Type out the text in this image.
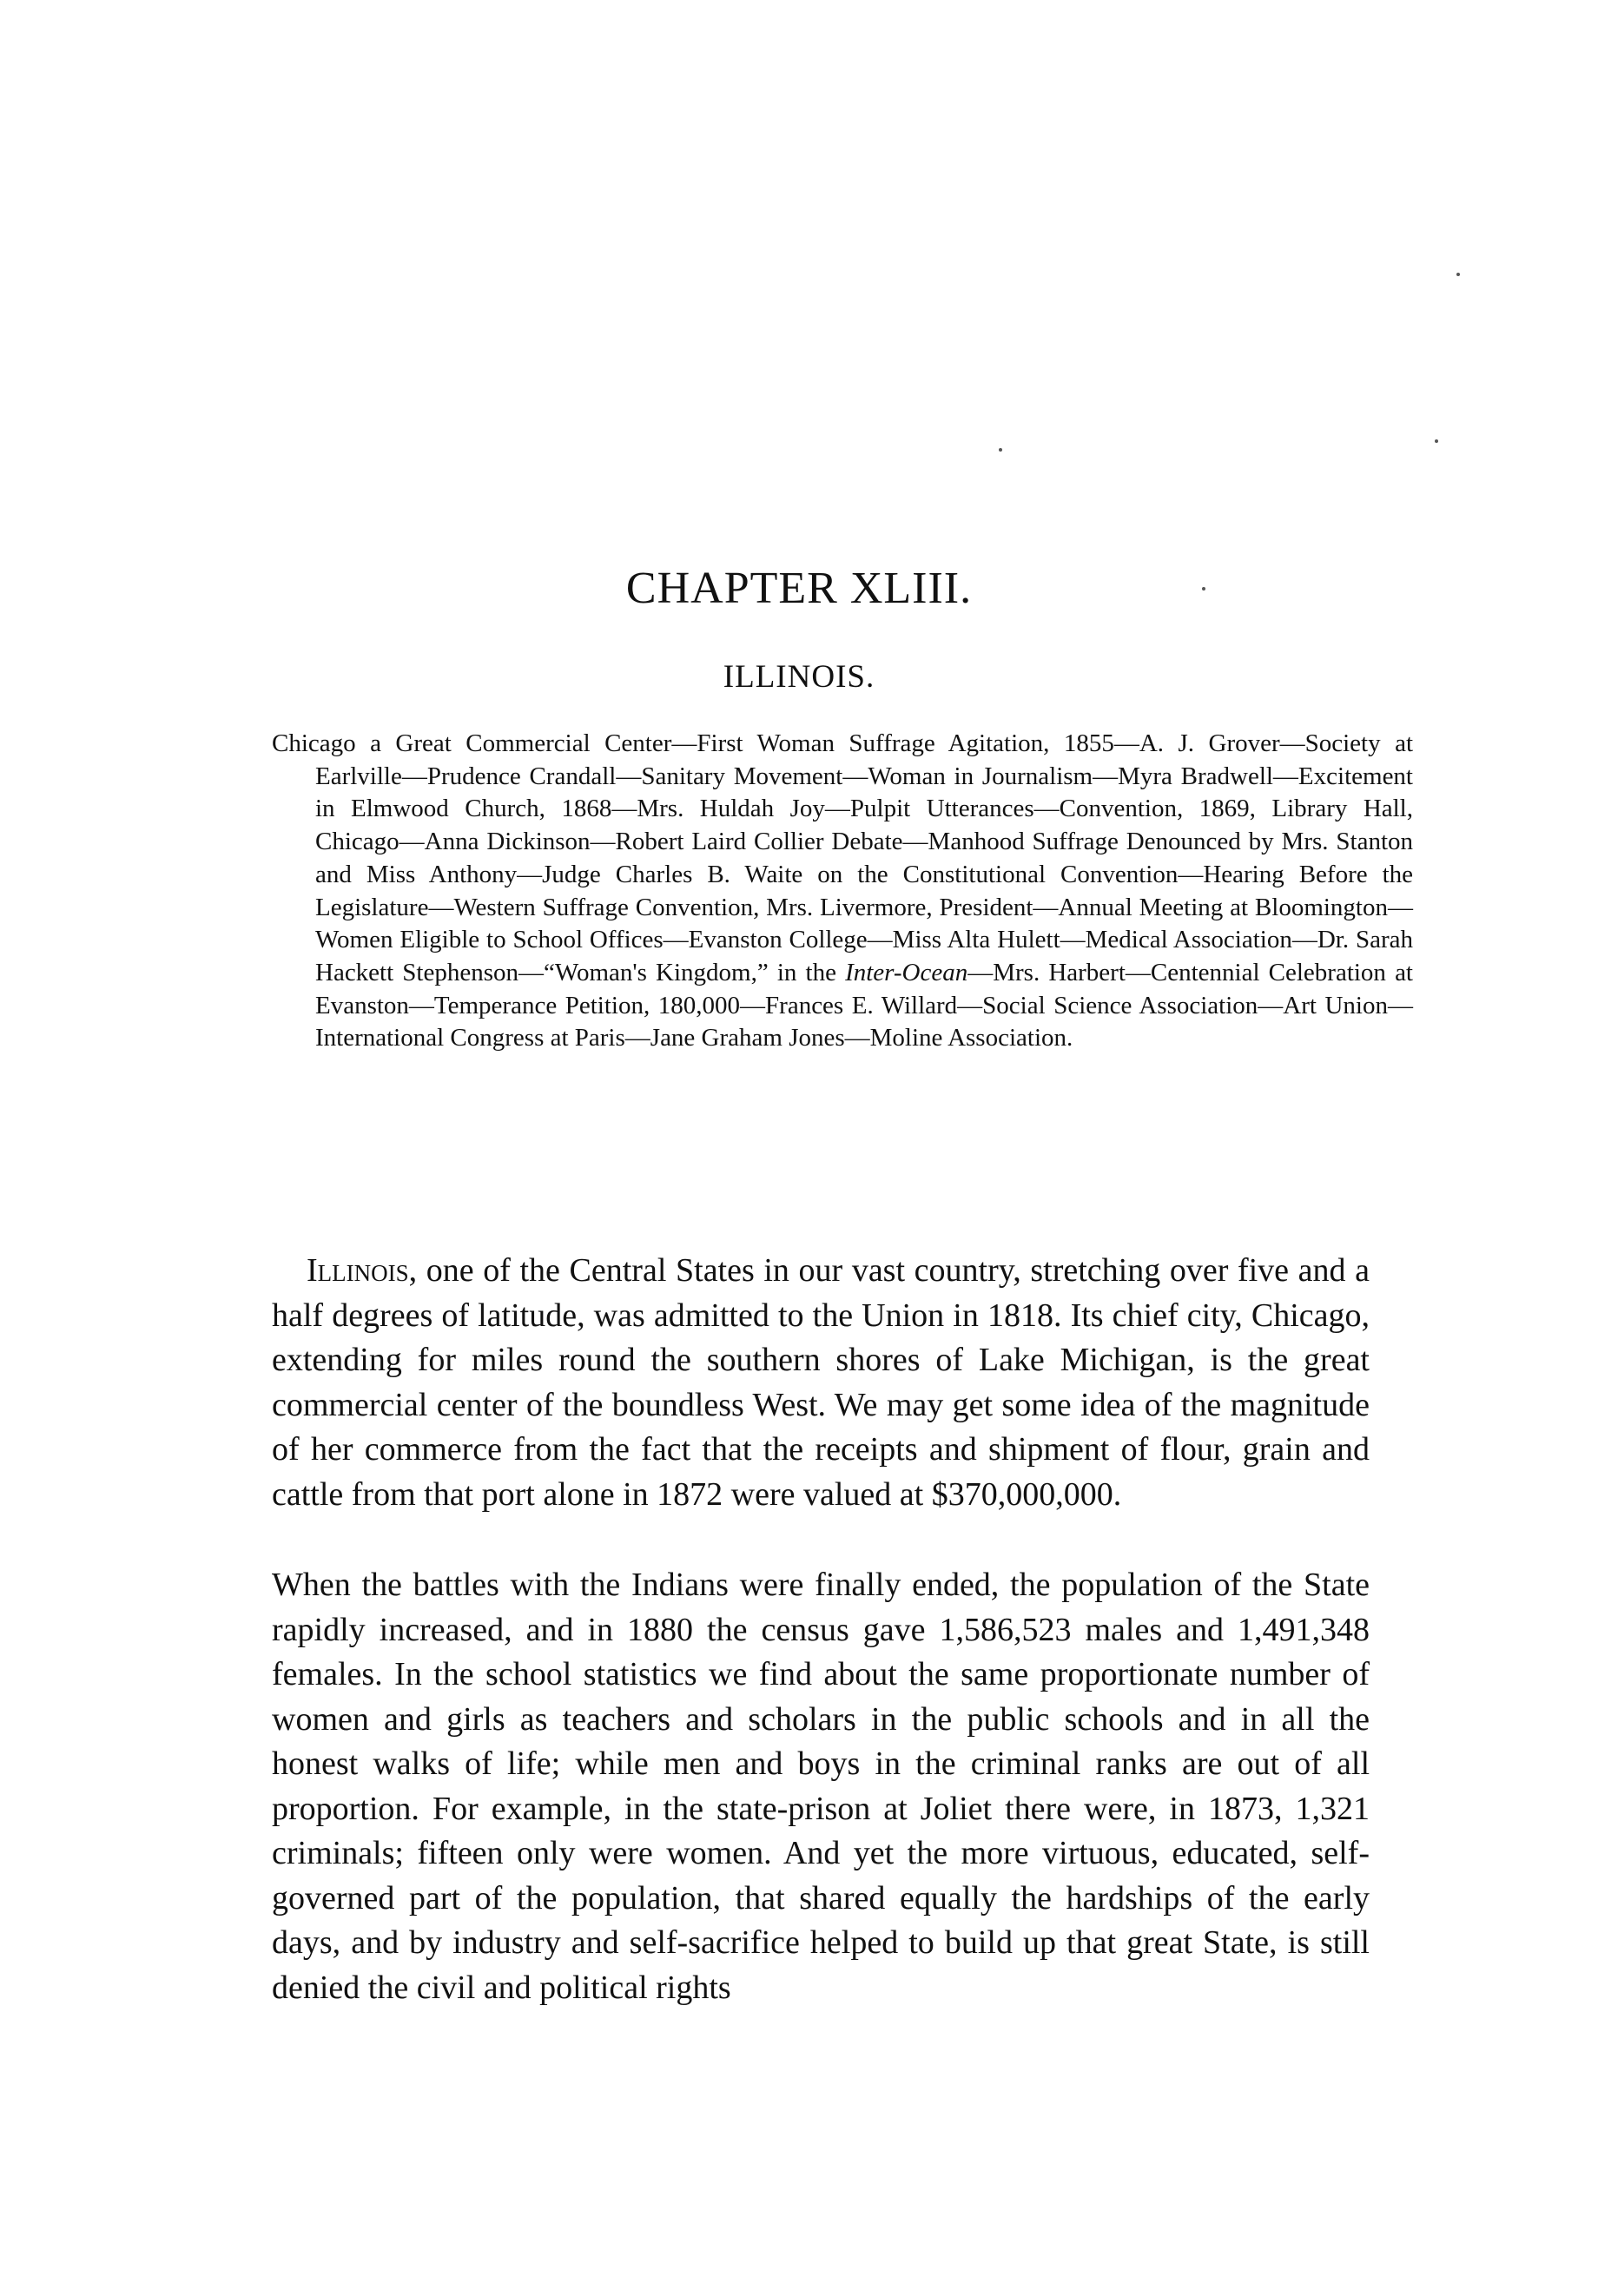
CHAPTER XLIII.
ILLINOIS.

Chicago a Great Commercial Center—First Woman Suffrage Agitation, 1855—A. J. Grover—Society at Earlville—Prudence Crandall—Sanitary Movement—Woman in Journalism—Myra Bradwell—Excitement in Elmwood Church, 1868—Mrs. Huldah Joy—Pulpit Utterances—Convention, 1869, Library Hall, Chicago—Anna Dickinson—Robert Laird Collier Debate—Manhood Suffrage Denounced by Mrs. Stanton and Miss Anthony—Judge Charles B. Waite on the Constitutional Convention—Hearing Before the Legislature—Western Suffrage Convention, Mrs. Livermore, President—Annual Meeting at Bloomington—Women Eligible to School Offices—Evanston College—Miss Alta Hulett—Medical Association—Dr. Sarah Hackett Stephenson—“Woman's Kingdom,” in the Inter-Ocean—Mrs. Harbert—Centennial Celebration at Evanston—Temperance Petition, 180,000—Frances E. Willard—Social Science Association—Art Union—International Congress at Paris—Jane Graham Jones—Moline Association.

Illinois, one of the Central States in our vast country, stretching over five and a half degrees of latitude, was admitted to the Union in 1818. Its chief city, Chicago, extending for miles round the southern shores of Lake Michigan, is the great commercial center of the boundless West. We may get some idea of the magnitude of her commerce from the fact that the receipts and shipment of flour, grain and cattle from that port alone in 1872 were valued at $370,000,000.

When the battles with the Indians were finally ended, the population of the State rapidly increased, and in 1880 the census gave 1,586,523 males and 1,491,348 females. In the school statistics we find about the same proportionate number of women and girls as teachers and scholars in the public schools and in all the honest walks of life; while men and boys in the criminal ranks are out of all proportion. For example, in the state-prison at Joliet there were, in 1873, 1,321 criminals; fifteen only were women. And yet the more virtuous, educated, self-governed part of the population, that shared equally the hardships of the early days, and by industry and self-sacrifice helped to build up that great State, is still denied the civil and political rights
